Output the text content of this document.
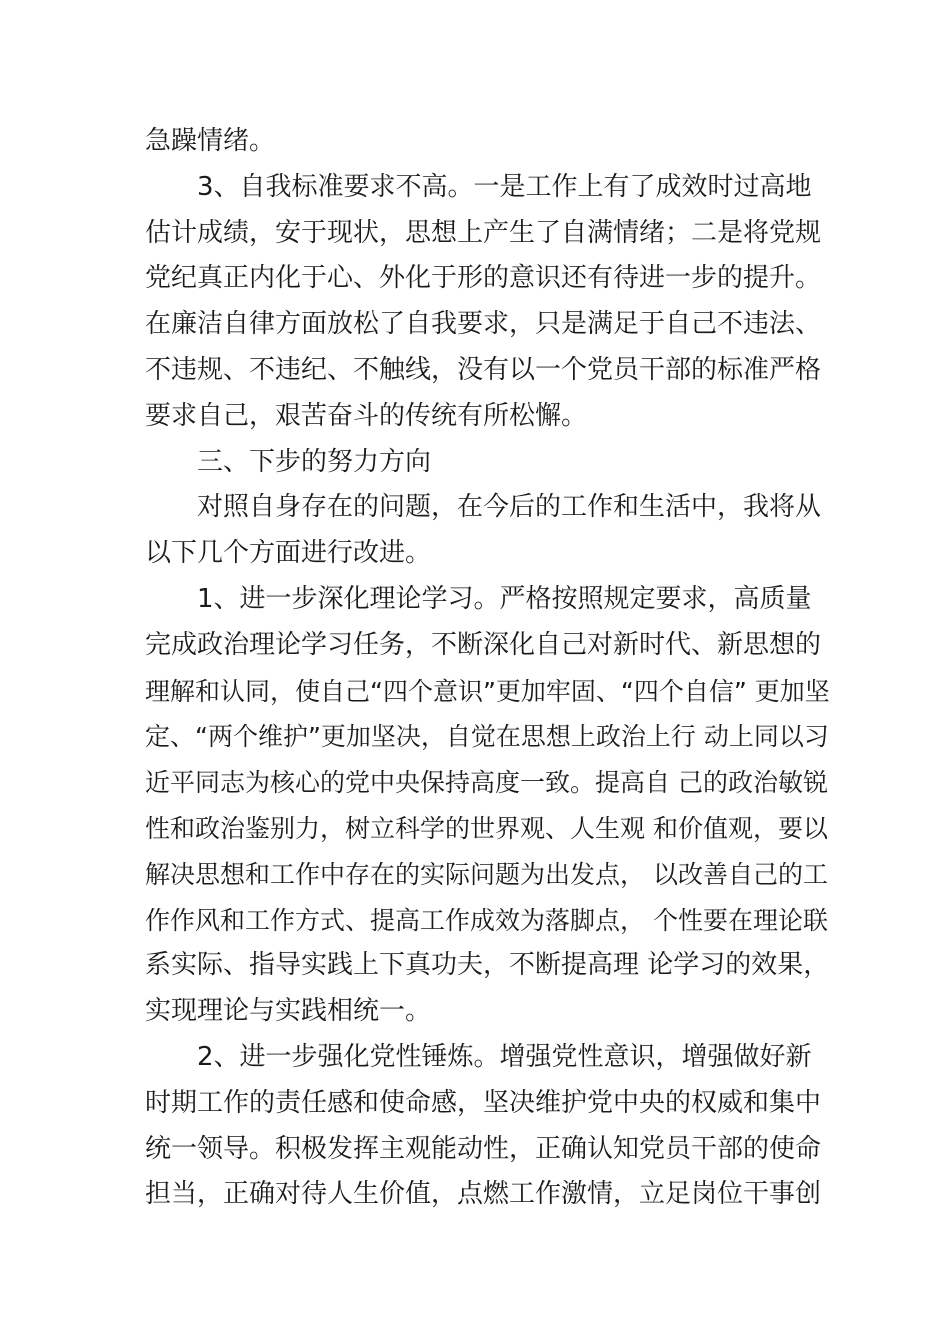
急躁情绪。
3、自我标准要求不高。一是工作上有了成效时过高地
估计成绩，安于现状，思想上产生了自满情绪；二是将党规
党纪真正内化于心、外化于形的意识还有待进一步的提升。
在廉洁自律方面放松了自我要求，只是满足于自己不违法、
不违规、不违纪、不触线，没有以一个党员干部的标准严格
要求自己，艰苦奋斗的传统有所松懈。
三、下步的努力方向
对照自身存在的问题，在今后的工作和生活中，我将从
以下几个方面进行改进。
1、进一步深化理论学习。严格按照规定要求，高质量
完成政治理论学习任务，不断深化自己对新时代、新思想的
理解和认同，使自己“四个意识”更加牢固、“四个自信” 更加坚
定、“两个维护”更加坚决，自觉在思想上政治上行 动上同以习
近平同志为核心的党中央保持高度一致。提高自 己的政治敏锐
性和政治鉴别力，树立科学的世界观、人生观 和价值观，要以
解决思想和工作中存在的实际问题为出发点， 以改善自己的工
作作风和工作方式、提高工作成效为落脚点， 个性要在理论联
系实际、指导实践上下真功夫，不断提高理 论学习的效果，
实现理论与实践相统一。
2、进一步强化党性锤炼。增强党性意识，增强做好新
时期工作的责任感和使命感，坚决维护党中央的权威和集中
统一领导。积极发挥主观能动性，正确认知党员干部的使命
担当，正确对待人生价值，点燃工作激情，立足岗位干事创
